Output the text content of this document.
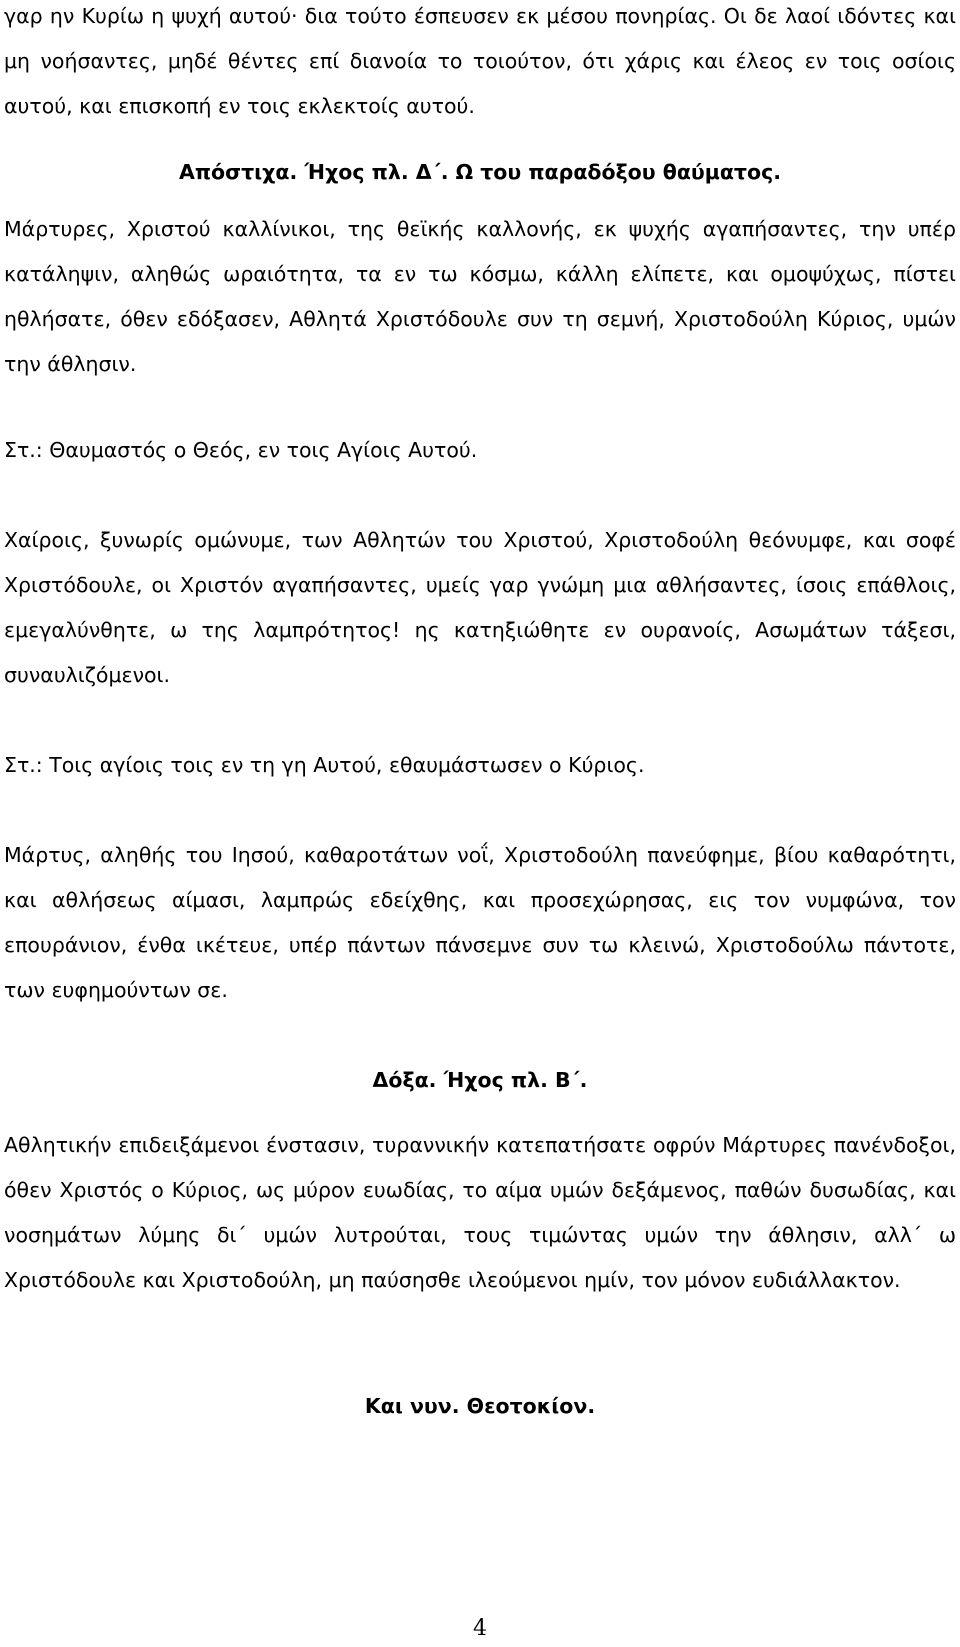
γαρ ην Κυρίω η ψυχή αυτού· δια τούτο έσπευσεν εκ μέσου πονηρίας. Οι δε λαοί ιδόντες και μη νοήσαντες, μηδέ θέντες επί διανοία το τοιούτον, ότι χάρις και έλεος εν τοις οσίοις αυτού, και επισκοπή εν τοις εκλεκτοίς αυτού.

Απόστιχα. Ήχος πλ. Δ΄. Ω του παραδόξου θαύματος.

Μάρτυρες, Χριστού καλλίνικοι, της θεϊκής καλλονής, εκ ψυχής αγαπήσαντες, την υπέρ κατάληψιν, αληθώς ωραιότητα, τα εν τω κόσμω, κάλλη ελίπετε, και ομοψύχως, πίστει ηθλήσατε, όθεν εδόξασεν, Αθλητά Χριστόδουλε συν τη σεμνή, Χριστοδούλη Κύριος, υμών την άθλησιν.

Στ.: Θαυμαστός ο Θεός, εν τοις Αγίοις Αυτού.

Χαίροις, ξυνωρίς ομώνυμε, των Αθλητών του Χριστού, Χριστοδούλη θεόνυμφε, και σοφέ Χριστόδουλε, οι Χριστόν αγαπήσαντες, υμείς γαρ γνώμη μια αθλήσαντες, ίσοις επάθλοις, εμεγαλύνθητε, ω της λαμπρότητος! ης κατηξιώθητε εν ουρανοίς, Ασωμάτων τάξεσι, συναυλιζόμενοι.

Στ.: Τοις αγίοις τοις εν τη γη Αυτού, εθαυμάστωσεν ο Κύριος.

Μάρτυς, αληθής του Ιησού, καθαροτάτων νοΐ, Χριστοδούλη πανεύφημε, βίου καθαρότητι, και αθλήσεως αίμασι, λαμπρώς εδείχθης, και προσεχώρησας, εις τον νυμφώνα, τον επουράνιον, ένθα ικέτευε, υπέρ πάντων πάνσεμνε συν τω κλεινώ, Χριστοδούλω πάντοτε, των ευφημούντων σε.

Δόξα. Ήχος πλ. Β΄.

Αθλητικήν επιδειξάμενοι ένστασιν, τυραννικήν κατεπατήσατε οφρύν Μάρτυρες πανένδοξοι, όθεν Χριστός ο Κύριος, ως μύρον ευωδίας, το αίμα υμών δεξάμενος, παθών δυσωδίας, και νοσημάτων λύμης δι΄ υμών λυτρούται, τους τιμώντας υμών την άθλησιν, αλλ΄ ω Χριστόδουλε και Χριστοδούλη, μη παύσησθε ιλεούμενοι ημίν, τον μόνον ευδιάλλακτον.

Και νυν. Θεοτοκίον.

4
